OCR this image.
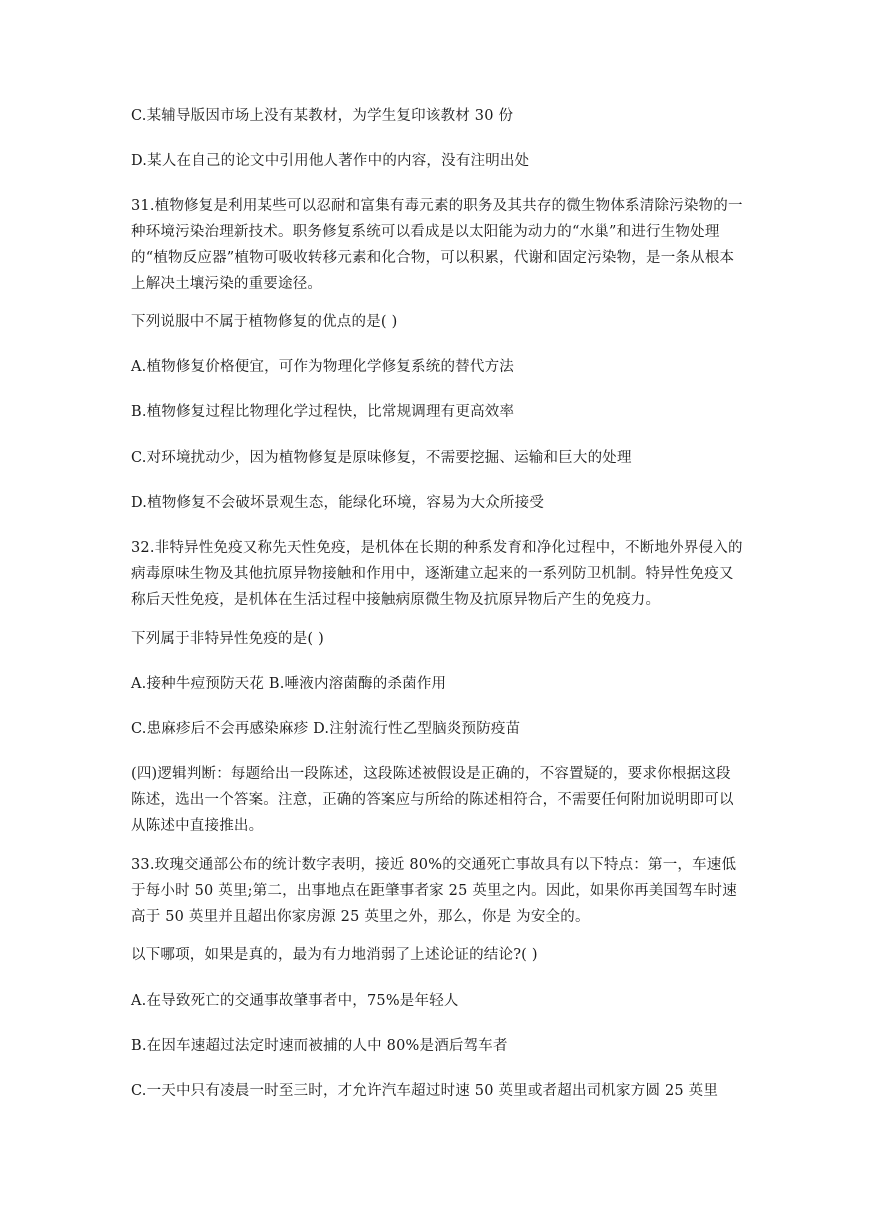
C.某辅导版因市场上没有某教材，为学生复印该教材 30 份

D.某人在自己的论文中引用他人著作中的内容，没有注明出处

31.植物修复是利用某些可以忍耐和富集有毒元素的职务及其共存的微生物体系清除污染物的一种环境污染治理新技术。职务修复系统可以看成是以太阳能为动力的“水巢”和进行生物处理的“植物反应器”植物可吸收转移元素和化合物，可以积累，代谢和固定污染物，是一条从根本上解决土壤污染的重要途径。

下列说服中不属于植物修复的优点的是( )

A.植物修复价格便宜，可作为物理化学修复系统的替代方法

B.植物修复过程比物理化学过程快，比常规调理有更高效率

C.对环境扰动少，因为植物修复是原味修复，不需要挖掘、运输和巨大的处理

D.植物修复不会破坏景观生态，能绿化环境，容易为大众所接受

32.非特异性免疫又称先天性免疫，是机体在长期的种系发育和净化过程中，不断地外界侵入的病毒原味生物及其他抗原异物接触和作用中，逐渐建立起来的一系列防卫机制。特异性免疫又称后天性免疫，是机体在生活过程中接触病原微生物及抗原异物后产生的免疫力。

下列属于非特异性免疫的是( )

A.接种牛痘预防天花 B.唾液内溶菌酶的杀菌作用

C.患麻疹后不会再感染麻疹 D.注射流行性乙型脑炎预防疫苗

(四)逻辑判断：每题给出一段陈述，这段陈述被假设是正确的，不容置疑的，要求你根据这段陈述，选出一个答案。注意，正确的答案应与所给的陈述相符合，不需要任何附加说明即可以从陈述中直接推出。

33.玫瑰交通部公布的统计数字表明，接近 80%的交通死亡事故具有以下特点：第一，车速低于每小时 50 英里;第二，出事地点在距肇事者家 25 英里之内。因此，如果你再美国驾车时速高于 50 英里并且超出你家房源 25 英里之外，那么，你是 为安全的。

以下哪项，如果是真的，最为有力地消弱了上述论证的结论?( )

A.在导致死亡的交通事故肇事者中，75%是年轻人

B.在因车速超过法定时速而被捕的人中 80%是酒后驾车者

C.一天中只有凌晨一时至三时，才允许汽车超过时速 50 英里或者超出司机家方圆 25 英里
